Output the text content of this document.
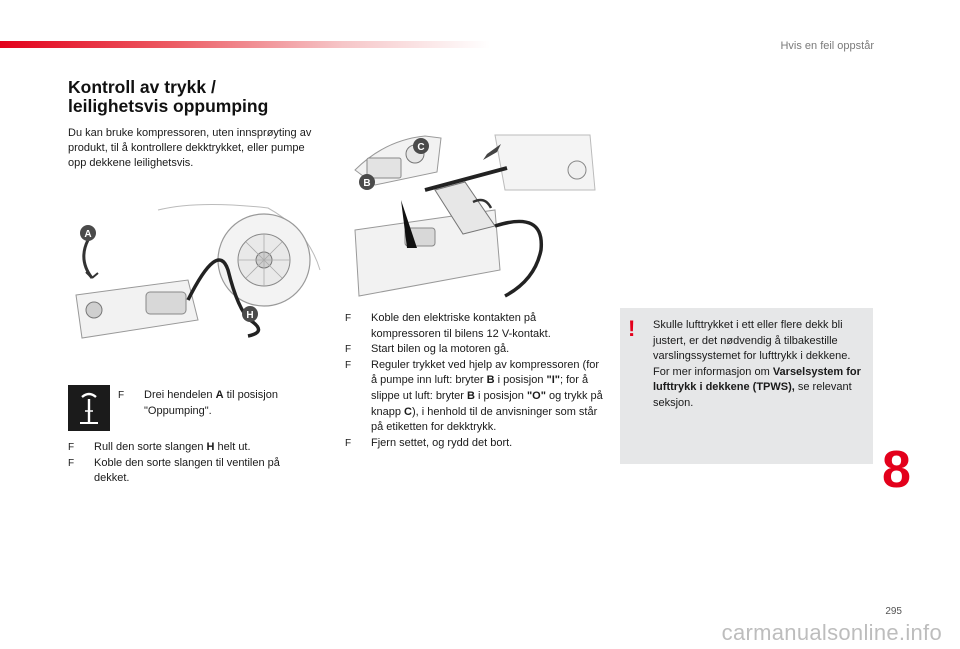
Hvis en feil oppstår
Kontroll av trykk /
leilighetsvis oppumping
Du kan bruke kompressoren, uten innsprøyting av produkt, til å kontrollere dekktrykket, eller pumpe opp dekkene leilighetsvis.
A
H
B
C
F Drei hendelen A til posisjon "Oppumping".
F Rull den sorte slangen H helt ut.
F Koble den sorte slangen til ventilen på dekket.
F Koble den elektriske kontakten på kompressoren til bilens 12 V-kontakt.
F Start bilen og la motoren gå.
F Reguler trykket ved hjelp av kompressoren (for å pumpe inn luft: bryter B i posisjon "I"; for å slippe ut luft: bryter B i posisjon "O" og trykk på knapp C), i henhold til de anvisninger som står på etiketten for dekktrykk.
F Fjern settet, og rydd det bort.
! Skulle lufttrykket i ett eller flere dekk bli justert, er det nødvendig å tilbakestille varslingssystemet for lufttrykk i dekkene.
For mer informasjon om Varselsystem for lufttrykk i dekkene (TPWS), se relevant seksjon.
8
295
carmanualsonline.info
